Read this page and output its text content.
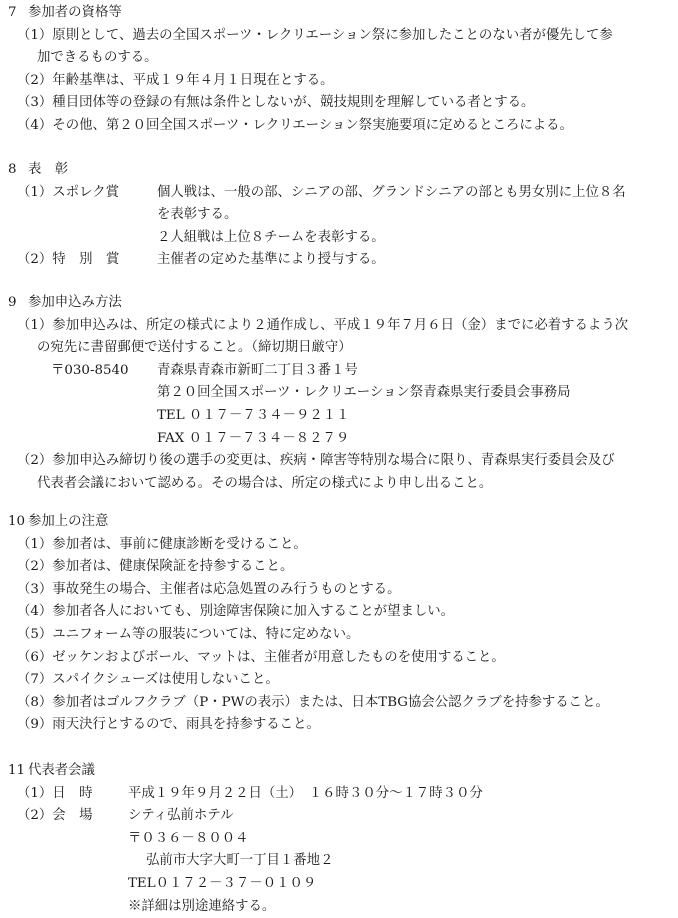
7 参加者の資格等
（1）原則として、過去の全国スポーツ・レクリエーション祭に参加したことのない者が優先して参
加できるものする。
（2）年齢基準は、平成１９年４月１日現在とする。
（3）種目団体等の登録の有無は条件としないが、競技規則を理解している者とする。
（4）その他、第２０回全国スポーツ・レクリエーション祭実施要項に定めるところによる。
8 表　彰
（1）スポレク賞	個人戦は、一般の部、シニアの部、グランドシニアの部とも男女別に上位８名
を表彰する。
２人組戦は上位８チームを表彰する。
（2）特　別　賞	主催者の定めた基準により授与する。
9 参加申込み方法
（1）参加申込みは、所定の様式により２通作成し、平成１９年７月６日（金）までに必着するよう次
の宛先に書留郵便で送付すること。（締切期日厳守）
〒030-8540 青森県青森市新町二丁目３番１号
第２０回全国スポーツ・レクリエーション祭青森県実行委員会事務局
TEL ０１７－７３４－９２１１
FAX ０１７－７３４－８２７９
（2）参加申込み締切り後の選手の変更は、疾病・障害等特別な場合に限り、青森県実行委員会及び
代表者会議において認める。その場合は、所定の様式により申し出ること。
10 参加上の注意
（1）参加者は、事前に健康診断を受けること。
（2）参加者は、健康保険証を持参すること。
（3）事故発生の場合、主催者は応急処置のみ行うものとする。
（4）参加者各人においても、別途障害保険に加入することが望ましい。
（5）ユニフォーム等の服装については、特に定めない。
（6）ゼッケンおよびボール、マットは、主催者が用意したものを使用すること。
（7）スパイクシューズは使用しないこと。
（8）参加者はゴルフクラブ（P・PWの表示）または、日本TBG協会公認クラブを持参すること。
（9）雨天決行とするので、雨具を持参すること。
11 代表者会議
（1）日　時	平成１９年９月２２日（土）　１６時３０分～１７時３０分
（2）会　場	シティ弘前ホテル
〒０３６－８００４
弘前市大字大町一丁目１番地２
TEL０１７２－３７－０１０９
※詳細は別途連絡する。
